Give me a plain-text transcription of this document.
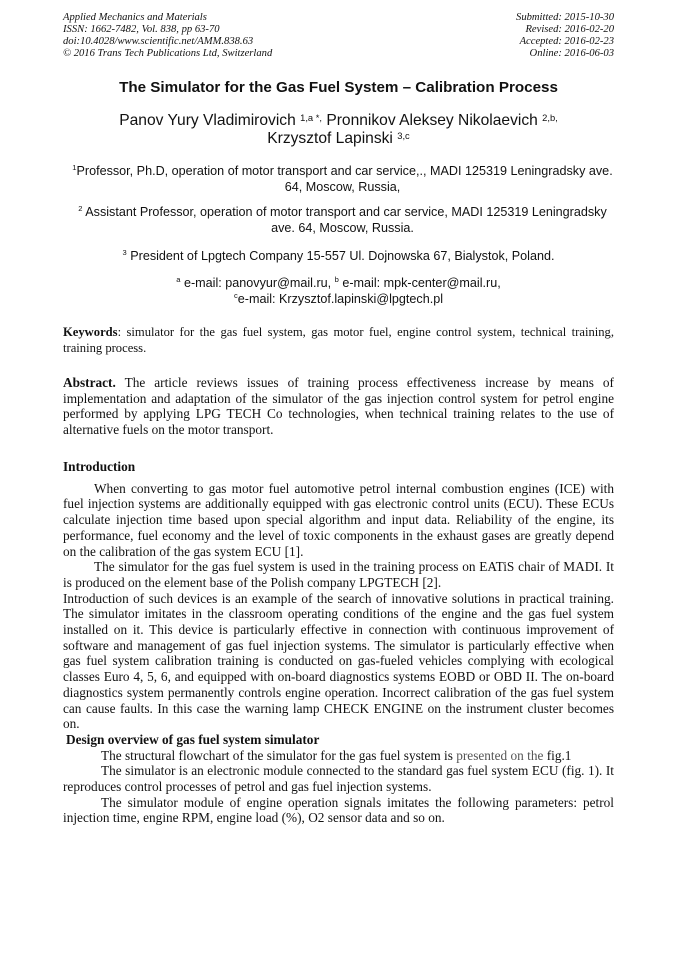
Applied Mechanics and Materials
ISSN: 1662-7482, Vol. 838, pp 63-70
doi:10.4028/www.scientific.net/AMM.838.63
© 2016 Trans Tech Publications Ltd, Switzerland
Submitted: 2015-10-30
Revised: 2016-02-20
Accepted: 2016-02-23
Online: 2016-06-03
The Simulator for the Gas Fuel System – Calibration Process
Panov Yury Vladimirovich $^{1,a *,}$ Pronnikov Aleksey Nikolaevich $^{2,b,}$
Krzysztof Lapinski $^{3,c}$
$^1$Professor, Ph.D, operation of motor transport and car service,., MADI 125319 Leningradsky ave. 64, Moscow, Russia,
$^2$ Assistant Professor, operation of motor transport and car service, MADI 125319 Leningradsky ave. 64, Moscow, Russia.
$^3$ President of Lpgtech Company 15-557 Ul. Dojnowska 67, Bialystok, Poland.
$^a$ e-mail: panovyur@mail.ru, $^b$ e-mail: mpk-center@mail.ru,
$^c$e-mail: Krzysztof.lapinski@lpgtech.pl
Keywords: simulator for the gas fuel system, gas motor fuel, engine control system, technical training, training process.
Abstract. The article reviews issues of training process effectiveness increase by means of implementation and adaptation of the simulator of the gas injection control system for petrol engine performed by applying LPG TECH Co technologies, when technical training relates to the use of alternative fuels on the motor transport.

Introduction

When converting to gas motor fuel automotive petrol internal combustion engines (ICE) with fuel injection systems are additionally equipped with gas electronic control units (ECU). These ECUs calculate injection time based upon special algorithm and input data. Reliability of the engine, its performance, fuel economy and the level of toxic components in the exhaust gases are greatly depend on the calibration of the gas system ECU [1].

The simulator for the gas fuel system is used in the training process on EATiS chair of MADI. It is produced on the element base of the Polish company LPGTECH [2].

Introduction of such devices is an example of the search of innovative solutions in practical training. The simulator imitates in the classroom operating conditions of the engine and the gas fuel system installed on it. This device is particularly effective in connection with continuous improvement of software and management of gas fuel injection systems. The simulator is particularly effective when gas fuel system calibration training is conducted on gas-fueled vehicles complying with ecological classes Euro 4, 5, 6, and equipped with on-board diagnostics systems EOBD or OBD II. The on-board diagnostics system permanently controls engine operation. Incorrect calibration of the gas fuel system can cause faults. In this case the warning lamp CHECK ENGINE on the instrument cluster becomes on.

Design overview of gas fuel system simulator

The structural flowchart of the simulator for the gas fuel system is presented on the fig.1

The simulator is an electronic module connected to the standard gas fuel system ECU (fig. 1). It reproduces control processes of petrol and gas fuel injection systems.

The simulator module of engine operation signals imitates the following parameters: petrol injection time, engine RPM, engine load (%), O2 sensor data and so on.
